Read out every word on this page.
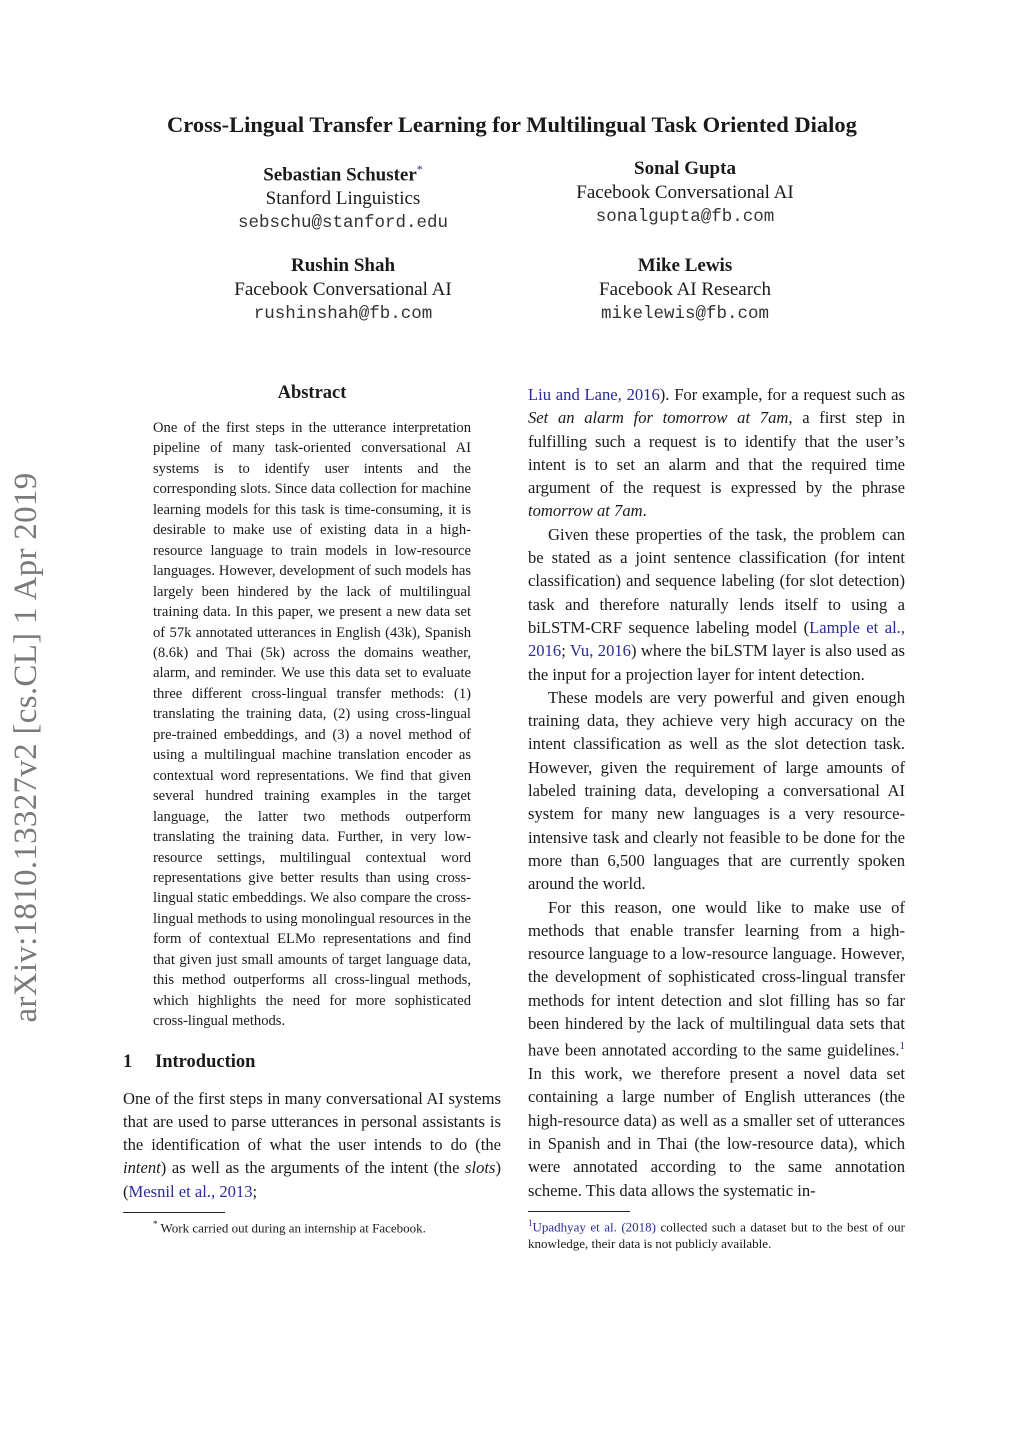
arXiv:1810.13327v2 [cs.CL] 1 Apr 2019
Cross-Lingual Transfer Learning for Multilingual Task Oriented Dialog
Sebastian Schuster*
Stanford Linguistics
sebschu@stanford.edu
Sonal Gupta
Facebook Conversational AI
sonalgupta@fb.com
Rushin Shah
Facebook Conversational AI
rushinshah@fb.com
Mike Lewis
Facebook AI Research
mikelewis@fb.com
Abstract

One of the first steps in the utterance interpretation pipeline of many task-oriented conversational AI systems is to identify user intents and the corresponding slots. Since data collection for machine learning models for this task is time-consuming, it is desirable to make use of existing data in a high-resource language to train models in low-resource languages. However, development of such models has largely been hindered by the lack of multilingual training data. In this paper, we present a new data set of 57k annotated utterances in English (43k), Spanish (8.6k) and Thai (5k) across the domains weather, alarm, and reminder. We use this data set to evaluate three different cross-lingual transfer methods: (1) translating the training data, (2) using cross-lingual pre-trained embeddings, and (3) a novel method of using a multilingual machine translation encoder as contextual word representations. We find that given several hundred training examples in the target language, the latter two methods outperform translating the training data. Further, in very low-resource settings, multilingual contextual word representations give better results than using cross-lingual static embeddings. We also compare the cross-lingual methods to using monolingual resources in the form of contextual ELMo representations and find that given just small amounts of target language data, this method outperforms all cross-lingual methods, which highlights the need for more sophisticated cross-lingual methods.

1 Introduction

One of the first steps in many conversational AI systems that are used to parse utterances in personal assistants is the identification of what the user intends to do (the intent) as well as the arguments of the intent (the slots) (Mesnil et al., 2013;

* Work carried out during an internship at Facebook.

Liu and Lane, 2016). For example, for a request such as Set an alarm for tomorrow at 7am, a first step in fulfilling such a request is to identify that the user’s intent is to set an alarm and that the required time argument of the request is expressed by the phrase tomorrow at 7am.

Given these properties of the task, the problem can be stated as a joint sentence classification (for intent classification) and sequence labeling (for slot detection) task and therefore naturally lends itself to using a biLSTM-CRF sequence labeling model (Lample et al., 2016; Vu, 2016) where the biLSTM layer is also used as the input for a projection layer for intent detection.

These models are very powerful and given enough training data, they achieve very high accuracy on the intent classification as well as the slot detection task. However, given the requirement of large amounts of labeled training data, developing a conversational AI system for many new languages is a very resource-intensive task and clearly not feasible to be done for the more than 6,500 languages that are currently spoken around the world.

For this reason, one would like to make use of methods that enable transfer learning from a high-resource language to a low-resource language. However, the development of sophisticated cross-lingual transfer methods for intent detection and slot filling has so far been hindered by the lack of multilingual data sets that have been annotated according to the same guidelines.$^1$ In this work, we therefore present a novel data set containing a large number of English utterances (the high-resource data) as well as a smaller set of utterances in Spanish and in Thai (the low-resource data), which were annotated according to the same annotation scheme. This data allows the systematic in-

$^1$Upadhyay et al. (2018) collected such a dataset but to the best of our knowledge, their data is not publicly available.
